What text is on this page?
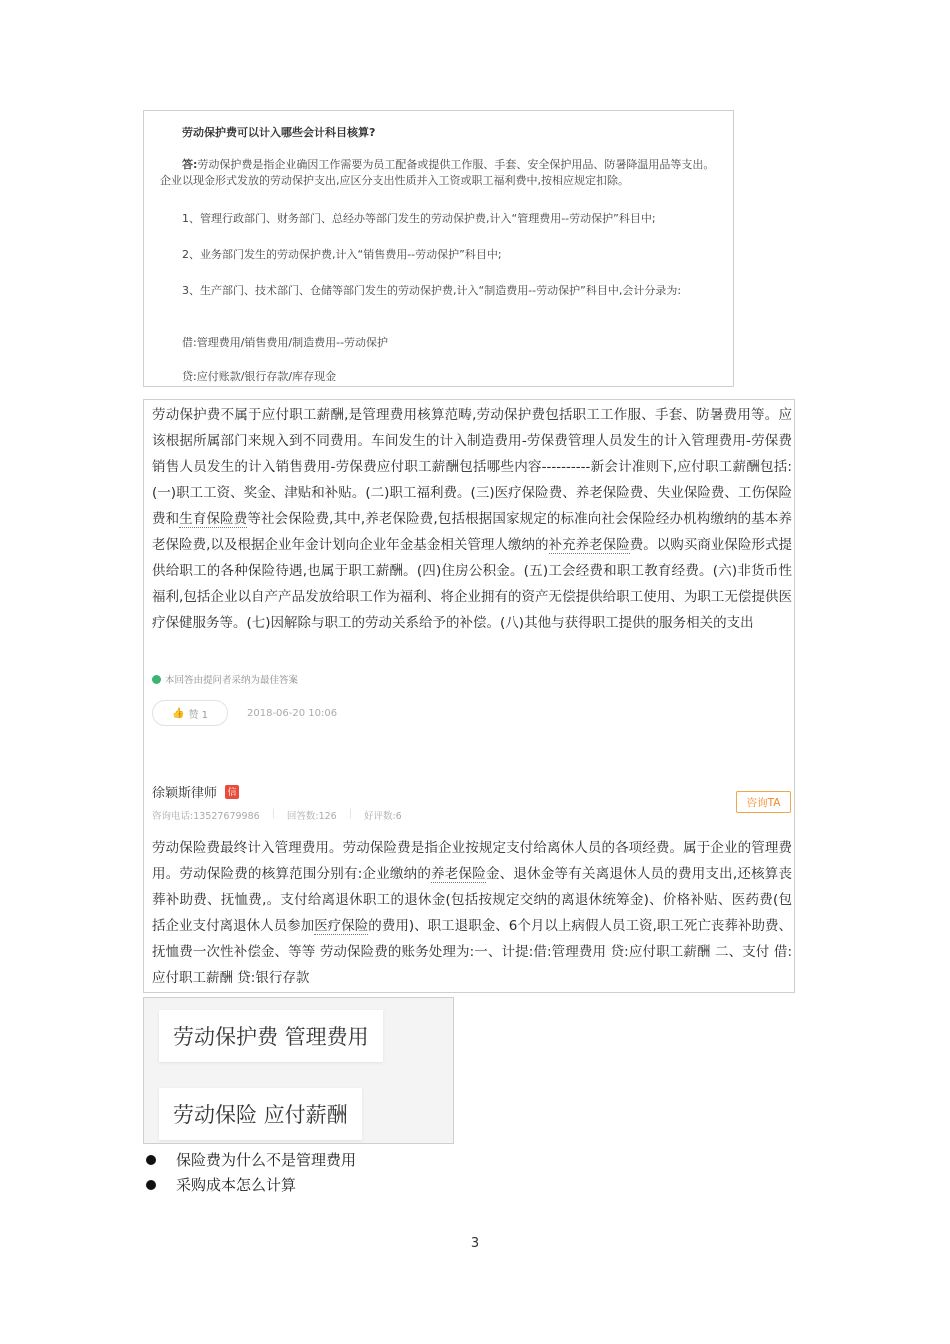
劳动保护费可以计入哪些会计科目核算?
答:劳动保护费是指企业确因工作需要为员工配备或提供工作服、手套、安全保护用品、防暑降温用品等支出。企业以现金形式发放的劳动保护支出,应区分支出性质并入工资或职工福利费中,按相应规定扣除。
1、管理行政部门、财务部门、总经办等部门发生的劳动保护费,计入“管理费用--劳动保护”科目中;
2、业务部门发生的劳动保护费,计入“销售费用--劳动保护”科目中;
3、生产部门、技术部门、仓储等部门发生的劳动保护费,计入“制造费用--劳动保护”科目中,会计分录为:
借:管理费用/销售费用/制造费用--劳动保护
贷:应付账款/银行存款/库存现金
劳动保护费不属于应付职工薪酬,是管理费用核算范畴,劳动保护费包括职工工作服、手套、防暑费用等。应该根据所属部门来规入到不同费用。车间发生的计入制造费用-劳保费管理人员发生的计入管理费用-劳保费销售人员发生的计入销售费用-劳保费应付职工薪酬包括哪些内容----------新会计准则下,应付职工薪酬包括:(一)职工工资、奖金、津贴和补贴。(二)职工福利费。(三)医疗保险费、养老保险费、失业保险费、工伤保险费和生育保险费等社会保险费,其中,养老保险费,包括根据国家规定的标准向社会保险经办机构缴纳的基本养老保险费,以及根据企业年金计划向企业年金基金相关管理人缴纳的补充养老保险费。以购买商业保险形式提供给职工的各种保险待遇,也属于职工薪酬。(四)住房公积金。(五)工会经费和职工教育经费。(六)非货币性福利,包括企业以自产产品发放给职工作为福利、将企业拥有的资产无偿提供给职工使用、为职工无偿提供医疗保健服务等。(七)因解除与职工的劳动关系给予的补偿。(八)其他与获得职工提供的服务相关的支出
本回答由提问者采纳为最佳答案
👍 赞 1	2018-06-20 10:06
徐颖斯律师 信
咨询电话:13527679986 | 回答数:126 | 好评数:6
咨询TA
劳动保险费最终计入管理费用。劳动保险费是指企业按规定支付给离休人员的各项经费。属于企业的管理费用。劳动保险费的核算范围分别有:企业缴纳的养老保险金、退休金等有关离退休人员的费用支出,还核算丧葬补助费、抚恤费,。支付给离退休职工的退休金(包括按规定交纳的离退休统筹金)、价格补贴、医药费(包括企业支付离退休人员参加医疗保险的费用)、职工退职金、6个月以上病假人员工资,职工死亡丧葬补助费、抚恤费一次性补偿金、等等 劳动保险费的账务处理为:一、计提:借:管理费用 贷:应付职工薪酬 二、支付 借:应付职工薪酬 贷:银行存款
劳动保护费 管理费用
劳动保险 应付薪酬
保险费为什么不是管理费用
采购成本怎么计算
3
